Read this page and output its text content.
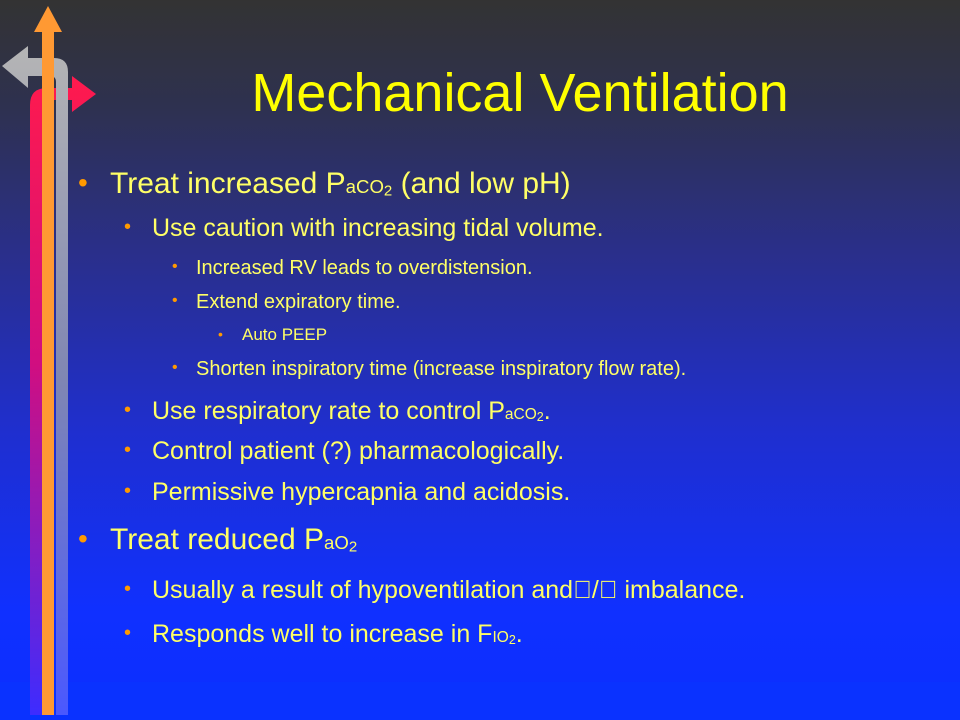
Mechanical Ventilation
• Treat increased PaCO2 (and low pH)
• Use caution with increasing tidal volume.
• Increased RV leads to overdistension.
• Extend expiratory time.
• Auto PEEP
• Shorten inspiratory time (increase inspiratory flow rate).
• Use respiratory rate to control PaCO2.
• Control patient (?) pharmacologically.
• Permissive hypercapnia and acidosis.
• Treat reduced PaO2
• Usually a result of hypoventilation and / imbalance.
• Responds well to increase in FIO2.
